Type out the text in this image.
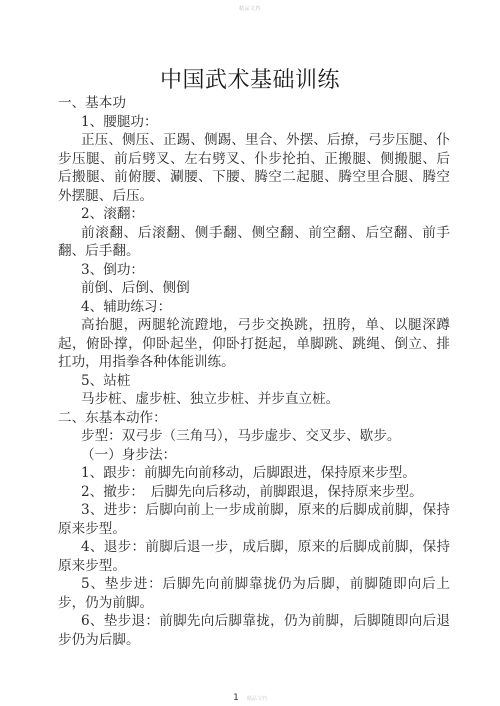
精品文档
中国武术基础训练
一、基本功
1、腰腿功：
正压、侧压、正踢、侧踢、里合、外摆、后撩，弓步压腿、仆步压腿、前后劈叉、左右劈叉、仆步抡拍、正搬腿、侧搬腿、后后搬腿、前俯腰、涮腰、下腰、腾空二起腿、腾空里合腿、腾空外摆腿、后压。
2、滚翻：
前滚翻、后滚翻、侧手翻、侧空翻、前空翻、后空翻、前手翻、后手翻。
3、倒功：
前倒、后倒、侧倒
4、辅助练习：
高抬腿，两腿轮流蹬地，弓步交换跳，扭胯，单、以腿深蹲起，俯卧撑，仰卧起坐，仰卧打挺起，单脚跳、跳绳、倒立、排扛功，用指拳各种体能训练。
5、站桩
马步桩、虚步桩、独立步桩、并步直立桩。
二、东基本动作：
步型：双弓步（三角马），马步虚步、交叉步、歇步。
（一）身步法：
1、跟步：前脚先向前移动，后脚跟进，保持原来步型。
2、撤步：　后脚先向后移动，前脚跟退，保持原来步型。
3、进步：后脚向前上一步成前脚，原来的后脚成前脚，保持原来步型。
4、退步：前脚后退一步，成后脚，原来的后脚成前脚，保持原来步型。
5、垫步进：后脚先向前脚靠拢仍为后脚，前脚随即向后上步，仍为前脚。
6、垫步退：前脚先向后脚靠拢，仍为前脚，后脚随即向后退步仍为后脚。
1 精品文档
